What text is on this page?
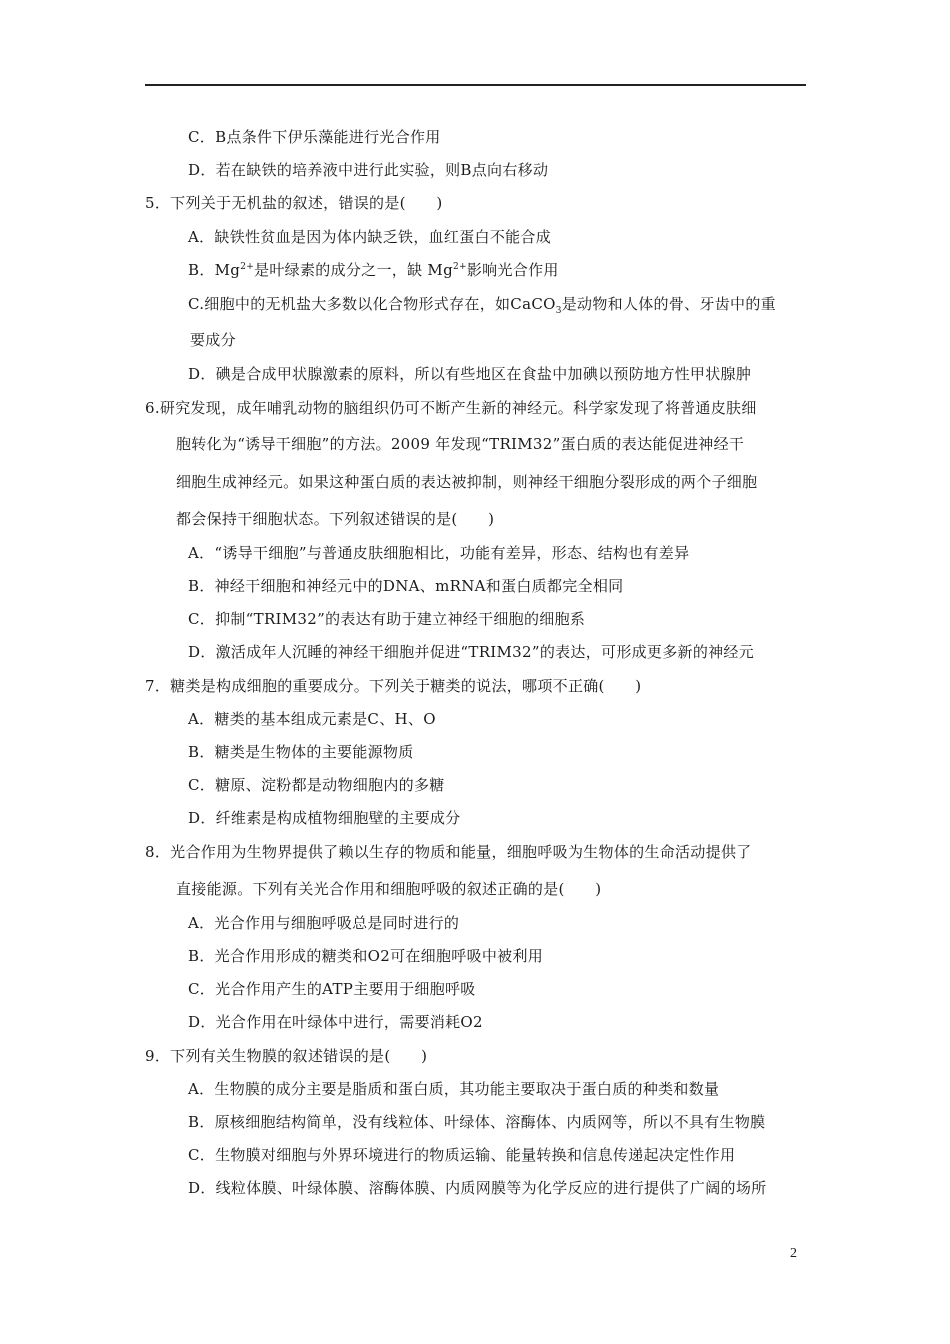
C．B点条件下伊乐藻能进行光合作用
D．若在缺铁的培养液中进行此实验，则B点向右移动
5．下列关于无机盐的叙述，错误的是(　　)
A．缺铁性贫血是因为体内缺乏铁，血红蛋白不能合成
B．$Mg^{2+}$是叶绿素的成分之一，缺 $Mg^{2+}$影响光合作用
C.细胞中的无机盐大多数以化合物形式存在，如CaCO$_3$是动物和人体的骨、牙齿中的重
要成分
D．碘是合成甲状腺激素的原料，所以有些地区在食盐中加碘以预防地方性甲状腺肿
6.研究发现，成年哺乳动物的脑组织仍可不断产生新的神经元。科学家发现了将普通皮肤细
胞转化为“诱导干细胞”的方法。2009 年发现“TRIM32”蛋白质的表达能促进神经干
细胞生成神经元。如果这种蛋白质的表达被抑制，则神经干细胞分裂形成的两个子细胞
都会保持干细胞状态。下列叙述错误的是(　　)
A．“诱导干细胞”与普通皮肤细胞相比，功能有差异，形态、结构也有差异
B．神经干细胞和神经元中的DNA、mRNA和蛋白质都完全相同
C．抑制“TRIM32”的表达有助于建立神经干细胞的细胞系
D．激活成年人沉睡的神经干细胞并促进“TRIM32”的表达，可形成更多新的神经元
7．糖类是构成细胞的重要成分。下列关于糖类的说法，哪项不正确(　　)
A．糖类的基本组成元素是C、H、O
B．糖类是生物体的主要能源物质
C．糖原、淀粉都是动物细胞内的多糖
D．纤维素是构成植物细胞壁的主要成分
8．光合作用为生物界提供了赖以生存的物质和能量，细胞呼吸为生物体的生命活动提供了
直接能源。下列有关光合作用和细胞呼吸的叙述正确的是(　　)
A．光合作用与细胞呼吸总是同时进行的
B．光合作用形成的糖类和O2可在细胞呼吸中被利用
C．光合作用产生的ATP主要用于细胞呼吸
D．光合作用在叶绿体中进行，需要消耗O2
9．下列有关生物膜的叙述错误的是(　　)
A．生物膜的成分主要是脂质和蛋白质，其功能主要取决于蛋白质的种类和数量
B．原核细胞结构简单，没有线粒体、叶绿体、溶酶体、内质网等，所以不具有生物膜
C．生物膜对细胞与外界环境进行的物质运输、能量转换和信息传递起决定性作用
D．线粒体膜、叶绿体膜、溶酶体膜、内质网膜等为化学反应的进行提供了广阔的场所
2
